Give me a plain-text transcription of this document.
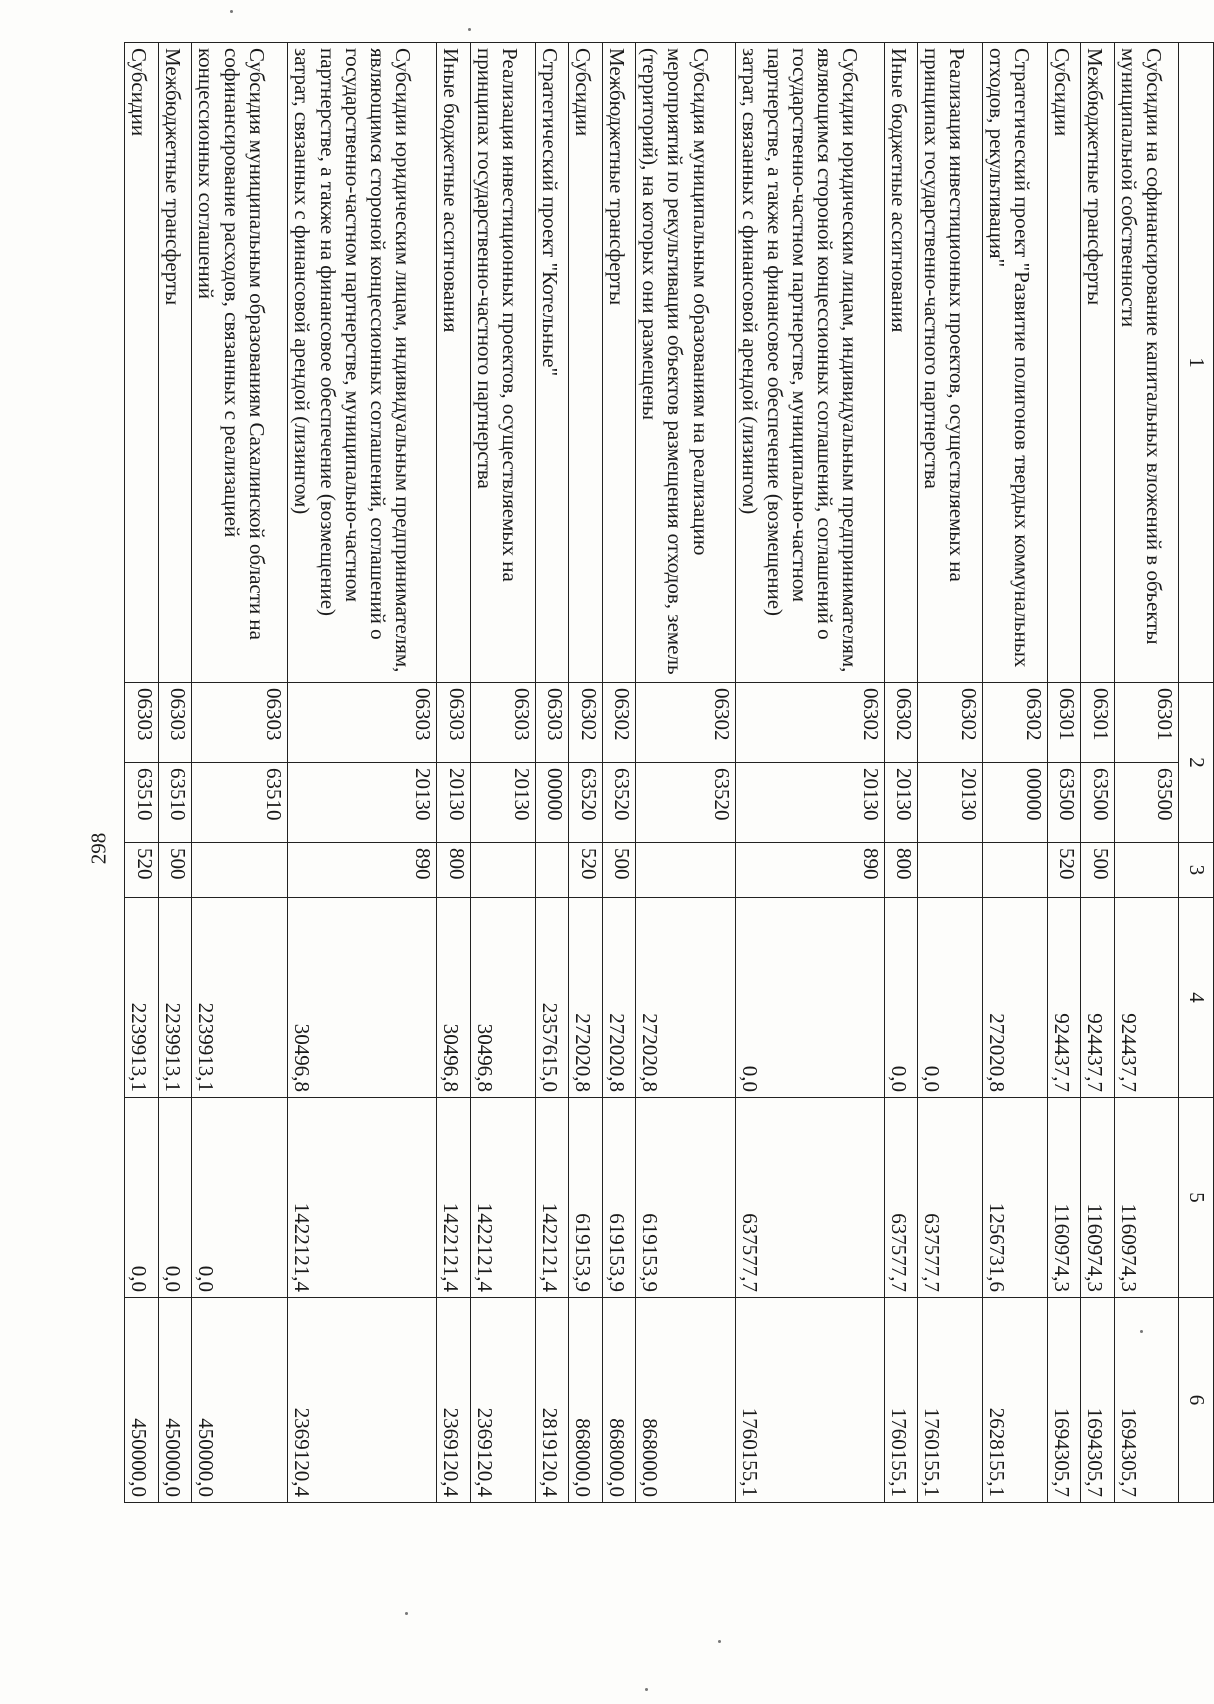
298
1	2		3	4	5	6
Субсидии на софинансирование капитальных вложений в объекты муниципальной собственности	06301	63500		924437,7	1160974,3	1694305,7
Межбюджетные трансферты	06301	63500	500	924437,7	1160974,3	1694305,7
Субсидии	06301	63500	520	924437,7	1160974,3	1694305,7
Стратегический проект "Развитие полигонов твердых коммунальных отходов, рекультивация"	06302	00000		272020,8	1256731,6	2628155,1
Реализация инвестиционных проектов, осуществляемых на принципах государственно-частного партнерства	06302	20130		0,0	637577,7	1760155,1
Иные бюджетные ассигнования	06302	20130	800	0,0	637577,7	1760155,1
Субсидии юридическим лицам, индивидуальным предпринимателям, являющимся стороной концессионных соглашений, соглашений о государственно-частном партнерстве, муниципально-частном партнерстве, а также на финансовое обеспечение (возмещение) затрат, связанных с финансовой арендой (лизингом)	06302	20130	890	0,0	637577,7	1760155,1
Субсидия муниципальным образованиям на реализацию мероприятий по рекультивации объектов размещения отходов, земель (территорий), на которых они размещены	06302	63520		272020,8	619153,9	868000,0
Межбюджетные трансферты	06302	63520	500	272020,8	619153,9	868000,0
Субсидии	06302	63520	520	272020,8	619153,9	868000,0
Стратегический проект "Котельные"	06303	00000		2357615,0	1422121,4	2819120,4
Реализация инвестиционных проектов, осуществляемых на принципах государственно-частного партнерства	06303	20130		30496,8	1422121,4	2369120,4
Иные бюджетные ассигнования	06303	20130	800	30496,8	1422121,4	2369120,4
Субсидии юридическим лицам, индивидуальным предпринимателям, являющимся стороной концессионных соглашений, соглашений о государственно-частном партнерстве, муниципально-частном партнерстве, а также на финансовое обеспечение (возмещение) затрат, связанных с финансовой арендой (лизингом)	06303	20130	890	30496,8	1422121,4	2369120,4
Субсидия муниципальным образованиям Сахалинской области на софинансирование расходов, связанных с реализацией концессионных соглашений	06303	63510		2239913,1	0,0	450000,0
Межбюджетные трансферты	06303	63510	500	2239913,1	0,0	450000,0
Субсидии	06303	63510	520	2239913,1	0,0	450000,0
